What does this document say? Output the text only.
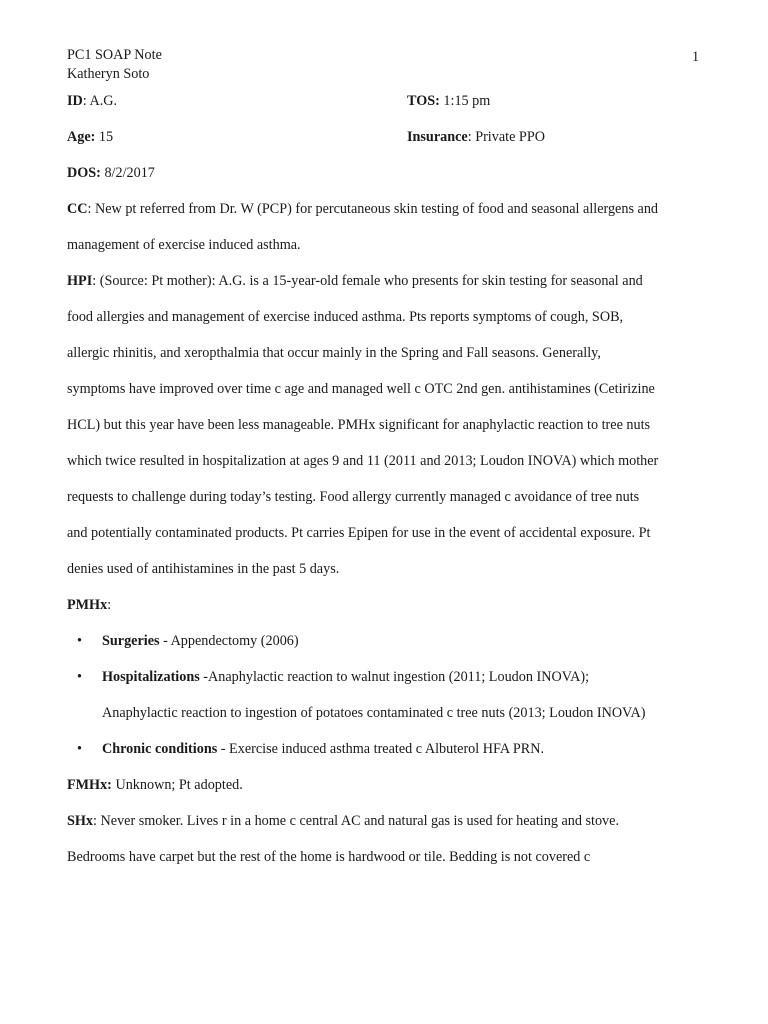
PC1 SOAP Note
Katheryn Soto
1
ID: A.G.	TOS: 1:15 pm
Age: 15	Insurance: Private PPO
DOS: 8/2/2017
CC: New pt referred from Dr. W (PCP) for percutaneous skin testing of food and seasonal allergens and
management of exercise induced asthma.
HPI: (Source: Pt mother): A.G. is a 15-year-old female who presents for skin testing for seasonal and
food allergies and management of exercise induced asthma. Pts reports symptoms of cough, SOB,
allergic rhinitis, and xeropthalmia that occur mainly in the Spring and Fall seasons. Generally,
symptoms have improved over time c age and managed well c OTC 2nd gen. antihistamines (Cetirizine
HCL) but this year have been less manageable. PMHx significant for anaphylactic reaction to tree nuts
which twice resulted in hospitalization at ages 9 and 11 (2011 and 2013; Loudon INOVA) which mother
requests to challenge during today’s testing. Food allergy currently managed c avoidance of tree nuts
and potentially contaminated products. Pt carries Epipen for use in the event of accidental exposure. Pt
denies used of antihistamines in the past 5 days.
PMHx:
• Surgeries - Appendectomy (2006)
• Hospitalizations -Anaphylactic reaction to walnut ingestion (2011; Loudon INOVA);
Anaphylactic reaction to ingestion of potatoes contaminated c tree nuts (2013; Loudon INOVA)
• Chronic conditions - Exercise induced asthma treated c Albuterol HFA PRN.
FMHx: Unknown; Pt adopted.
SHx: Never smoker. Lives r in a home c central AC and natural gas is used for heating and stove.
Bedrooms have carpet but the rest of the home is hardwood or tile. Bedding is not covered c
